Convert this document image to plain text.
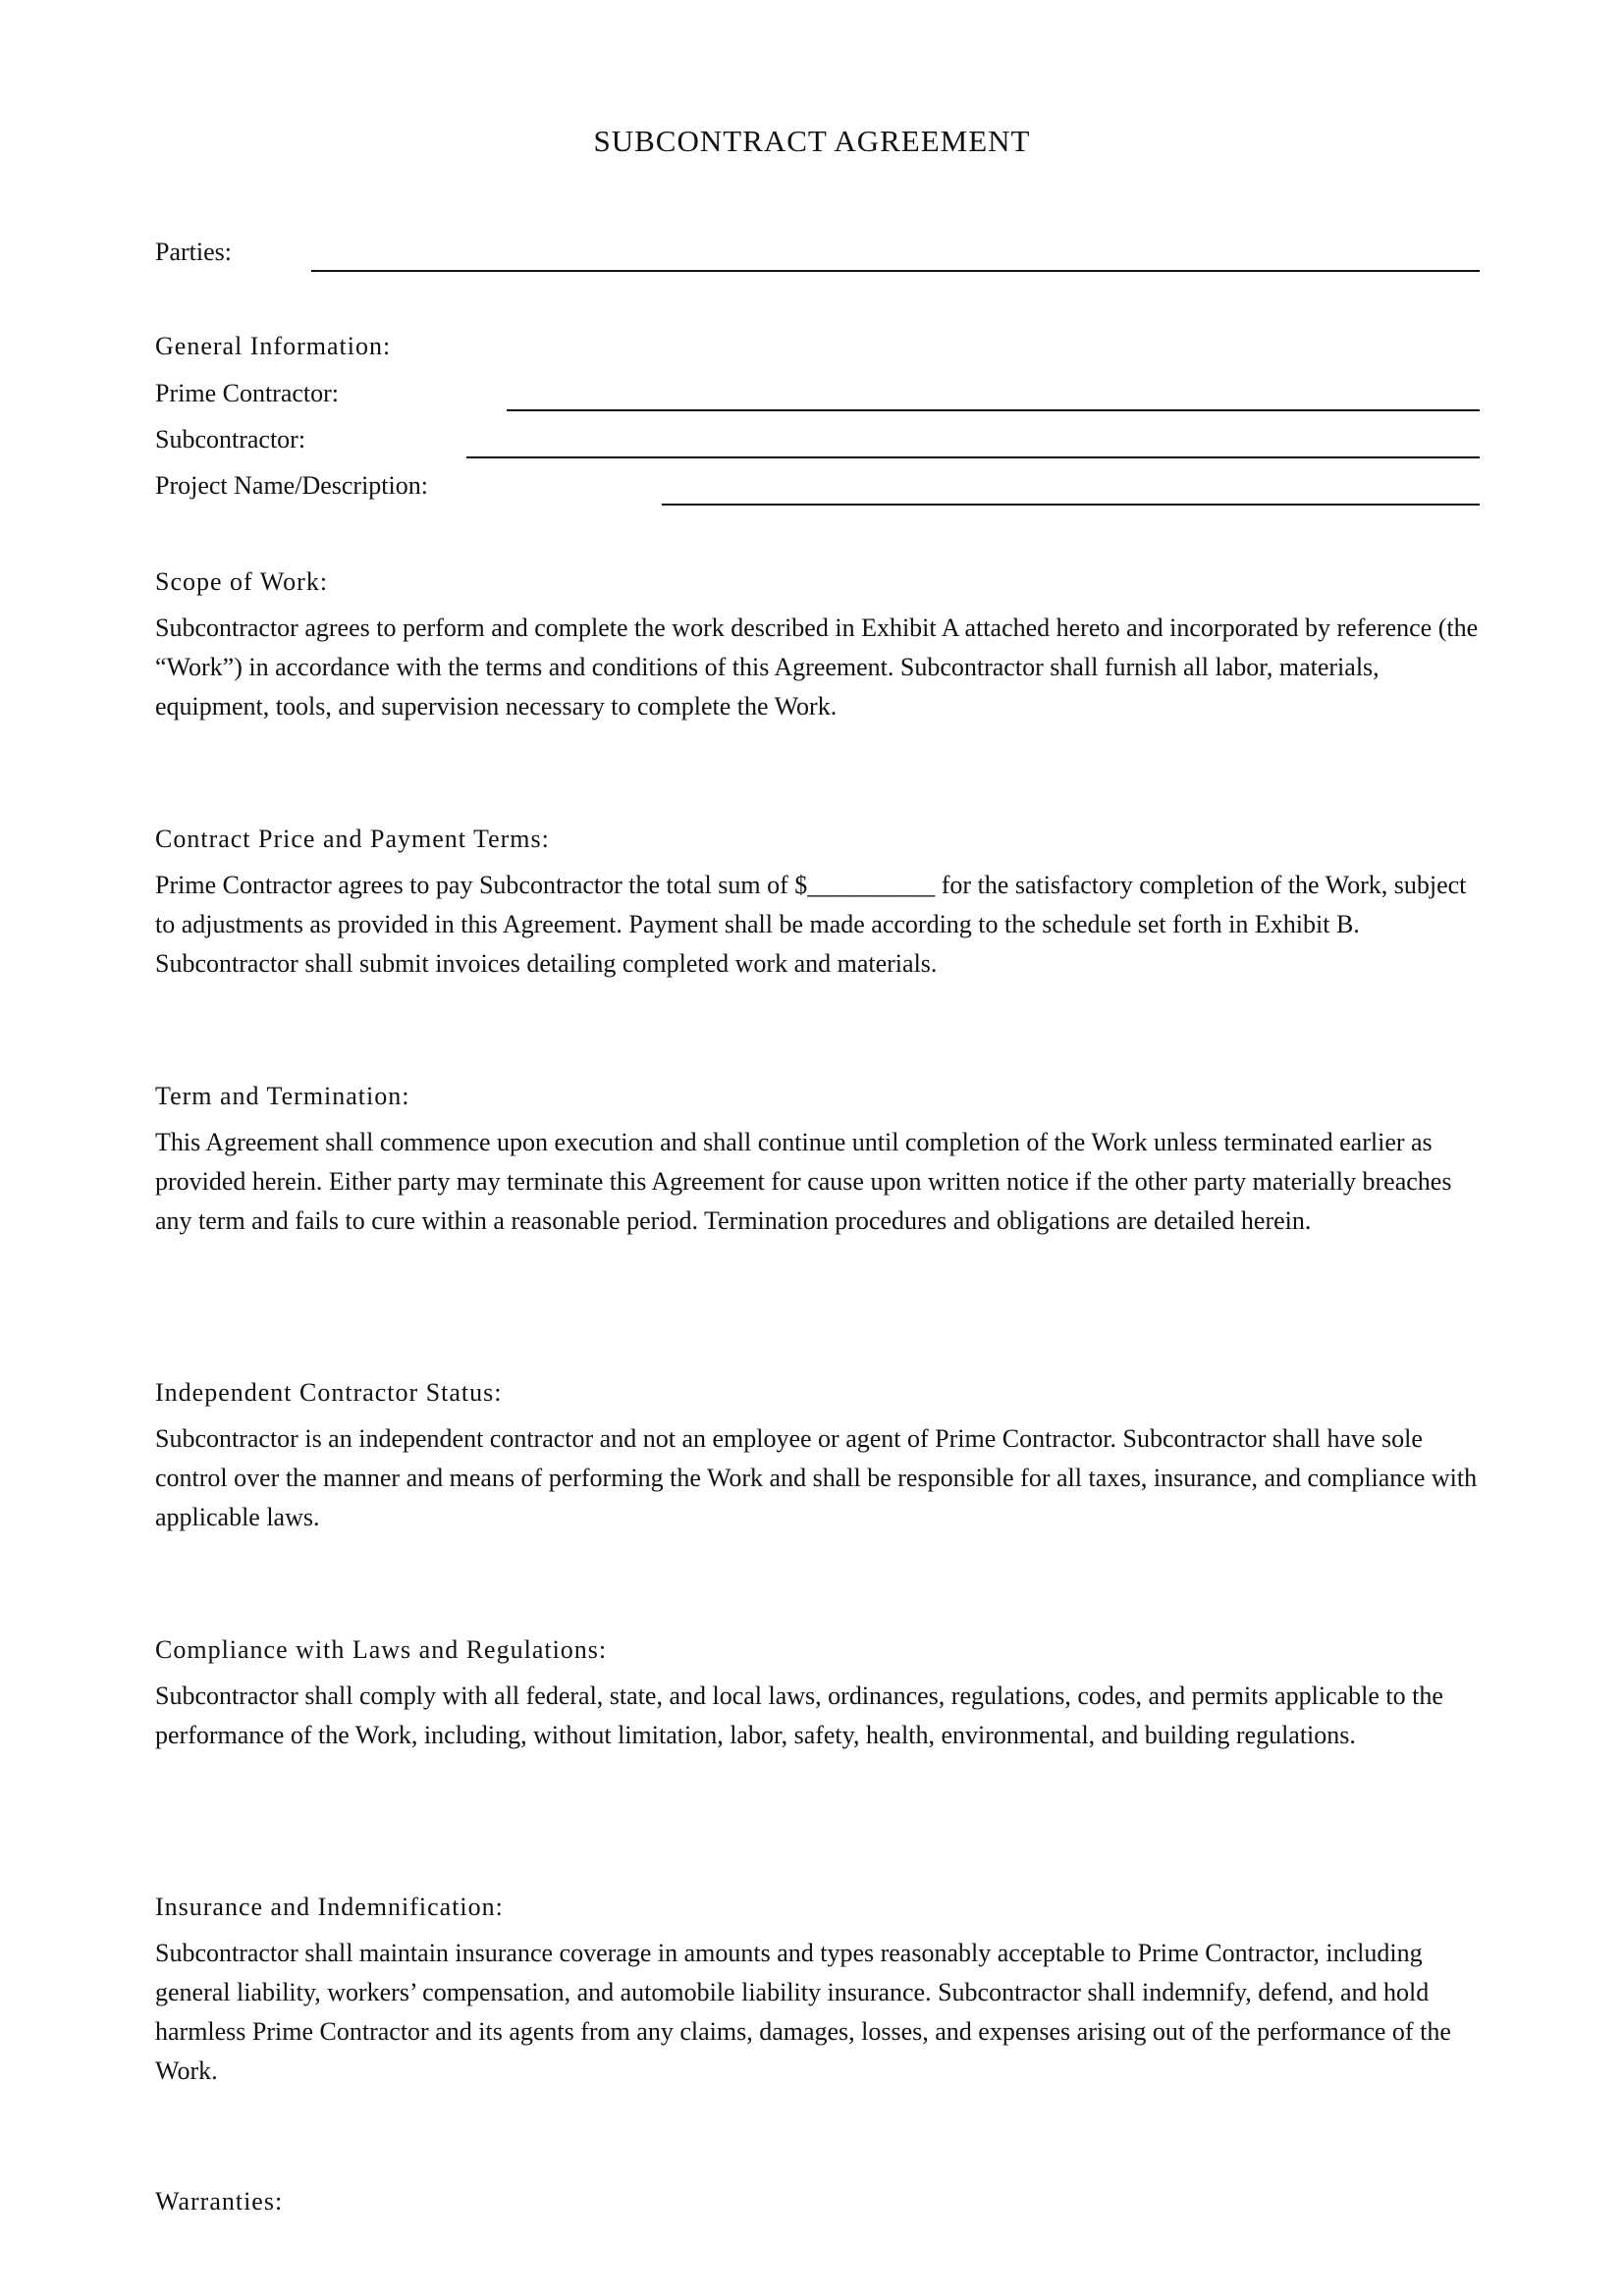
SUBCONTRACT AGREEMENT
Parties:
General Information:
Prime Contractor:
Subcontractor:
Project Name/Description:
Scope of Work:
Subcontractor agrees to perform and complete the work described in Exhibit A attached hereto and incorporated by reference (the “Work”) in accordance with the terms and conditions of this Agreement. Subcontractor shall furnish all labor, materials, equipment, tools, and supervision necessary to complete the Work.
Contract Price and Payment Terms:
Prime Contractor agrees to pay Subcontractor the total sum of $__________ for the satisfactory completion of the Work, subject to adjustments as provided in this Agreement. Payment shall be made according to the schedule set forth in Exhibit B. Subcontractor shall submit invoices detailing completed work and materials.
Term and Termination:
This Agreement shall commence upon execution and shall continue until completion of the Work unless terminated earlier as provided herein. Either party may terminate this Agreement for cause upon written notice if the other party materially breaches any term and fails to cure within a reasonable period. Termination procedures and obligations are detailed herein.
Independent Contractor Status:
Subcontractor is an independent contractor and not an employee or agent of Prime Contractor. Subcontractor shall have sole control over the manner and means of performing the Work and shall be responsible for all taxes, insurance, and compliance with applicable laws.
Compliance with Laws and Regulations:
Subcontractor shall comply with all federal, state, and local laws, ordinances, regulations, codes, and permits applicable to the performance of the Work, including, without limitation, labor, safety, health, environmental, and building regulations.
Insurance and Indemnification:
Subcontractor shall maintain insurance coverage in amounts and types reasonably acceptable to Prime Contractor, including general liability, workers’ compensation, and automobile liability insurance. Subcontractor shall indemnify, defend, and hold harmless Prime Contractor and its agents from any claims, damages, losses, and expenses arising out of the performance of the Work.
Warranties:
